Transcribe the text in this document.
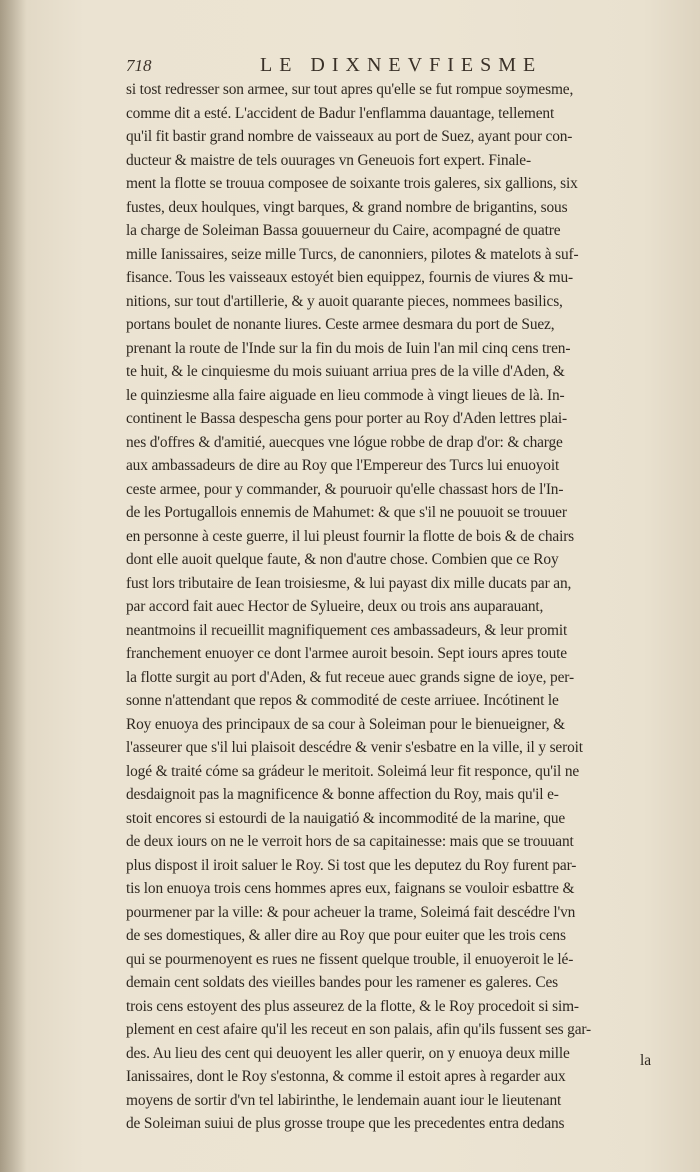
718	LE DIXNEVFIESME
si tost redresser son armee, sur tout apres qu'elle se fut rompue soymesme,
comme dit a esté. L'accident de Badur l'enflamma dauantage, tellement
qu'il fit bastir grand nombre de vaisseaux au port de Suez, ayant pour con-
ducteur & maistre de tels ouurages vn Geneuois fort expert. Finale-
ment la flotte se trouua composee de soixante trois galeres, six gallions, six
fustes, deux houlques, vingt barques, & grand nombre de brigantins, sous
la charge de Soleiman Bassa gouuerneur du Caire, acompagné de quatre
mille Ianissaires, seize mille Turcs, de canonniers, pilotes & matelots à suf-
fisance. Tous les vaisseaux estoyét bien equippez, fournis de viures & mu-
nitions, sur tout d'artillerie, & y auoit quarante pieces, nommees basilics,
portans boulet de nonante liures. Ceste armee desmara du port de Suez,
prenant la route de l'Inde sur la fin du mois de Iuin l'an mil cinq cens tren-
te huit, & le cinquiesme du mois suiuant arriua pres de la ville d'Aden, &
le quinziesme alla faire aiguade en lieu commode à vingt lieues de là. In-
continent le Bassa despescha gens pour porter au Roy d'Aden lettres plai-
nes d'offres & d'amitié, auecques vne lógue robbe de drap d'or: & charge
aux ambassadeurs de dire au Roy que l'Empereur des Turcs lui enuoyoit
ceste armee, pour y commander, & pouruoir qu'elle chassast hors de l'In-
de les Portugallois ennemis de Mahumet: & que s'il ne pouuoit se trouuer
en personne à ceste guerre, il lui pleust fournir la flotte de bois & de chairs
dont elle auoit quelque faute, & non d'autre chose. Combien que ce Roy
fust lors tributaire de Iean troisiesme, & lui payast dix mille ducats par an,
par accord fait auec Hector de Sylueire, deux ou trois ans auparauant,
neantmoins il recueillit magnifiquement ces ambassadeurs, & leur promit
franchement enuoyer ce dont l'armee auroit besoin. Sept iours apres toute
la flotte surgit au port d'Aden, & fut receue auec grands signe de ioye, per-
sonne n'attendant que repos & commodité de ceste arriuee. Incótinent le
Roy enuoya des principaux de sa cour à Soleiman pour le bienueigner, &
l'asseurer que s'il lui plaisoit descédre & venir s'esbatre en la ville, il y seroit
logé & traité cóme sa grádeur le meritoit. Soleimá leur fit responce, qu'il ne
desdaignoit pas la magnificence & bonne affection du Roy, mais qu'il e-
stoit encores si estourdi de la nauigatió & incommodité de la marine, que
de deux iours on ne le verroit hors de sa capitainesse: mais que se trouuant
plus dispost il iroit saluer le Roy. Si tost que les deputez du Roy furent par-
tis lon enuoya trois cens hommes apres eux, faignans se vouloir esbattre &
pourmener par la ville: & pour acheuer la trame, Soleimá fait descédre l'vn
de ses domestiques, & aller dire au Roy que pour euiter que les trois cens
qui se pourmenoyent es rues ne fissent quelque trouble, il enuoyeroit le lé-
demain cent soldats des vieilles bandes pour les ramener es galeres. Ces
trois cens estoyent des plus asseurez de la flotte, & le Roy procedoit si sim-
plement en cest afaire qu'il les receut en son palais, afin qu'ils fussent ses gar-
des. Au lieu des cent qui deuoyent les aller querir, on y enuoya deux mille
Ianissaires, dont le Roy s'estonna, & comme il estoit apres à regarder aux
moyens de sortir d'vn tel labirinthe, le lendemain auant iour le lieutenant
de Soleiman suiui de plus grosse troupe que les precedentes entra dedans
la
